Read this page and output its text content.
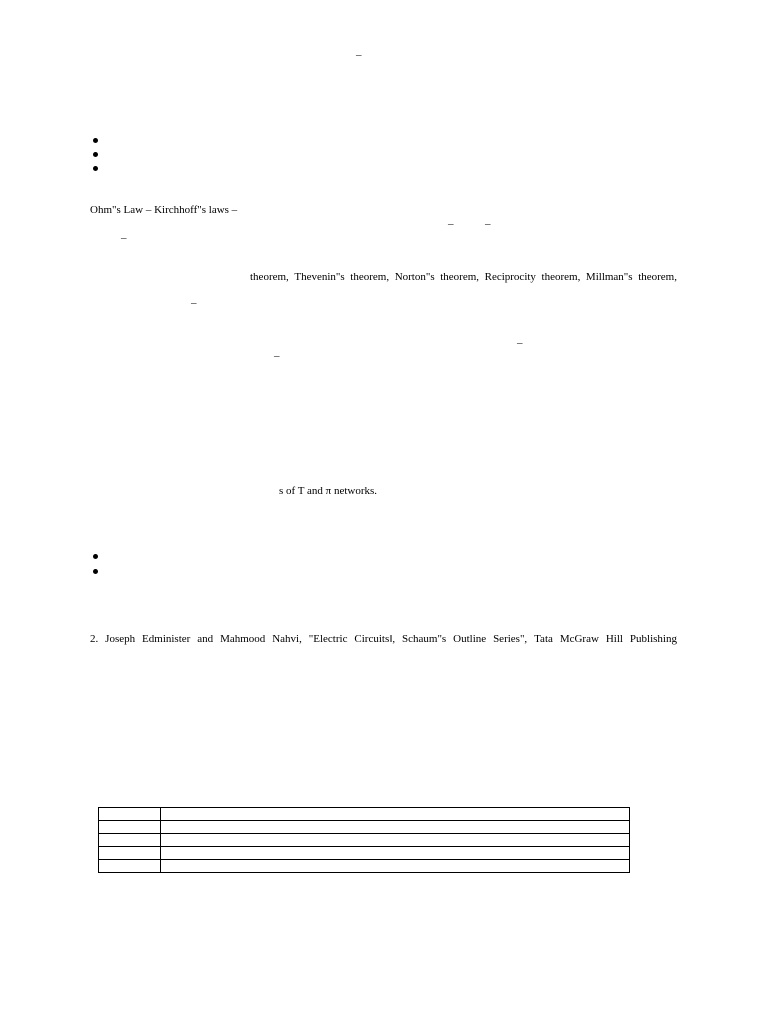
–
Ohm"s Law – Kirchhoff"s laws –
–	–
–
theorem, Thevenin"s theorem, Norton"s theorem, Reciprocity theorem, Millman"s theorem,
–
–
–
s of T and π networks.
2. Joseph Edminister and Mahmood Nahvi, "Electric Circuits‖, Schaum"s Outline Series", Tata McGraw Hill Publishing
